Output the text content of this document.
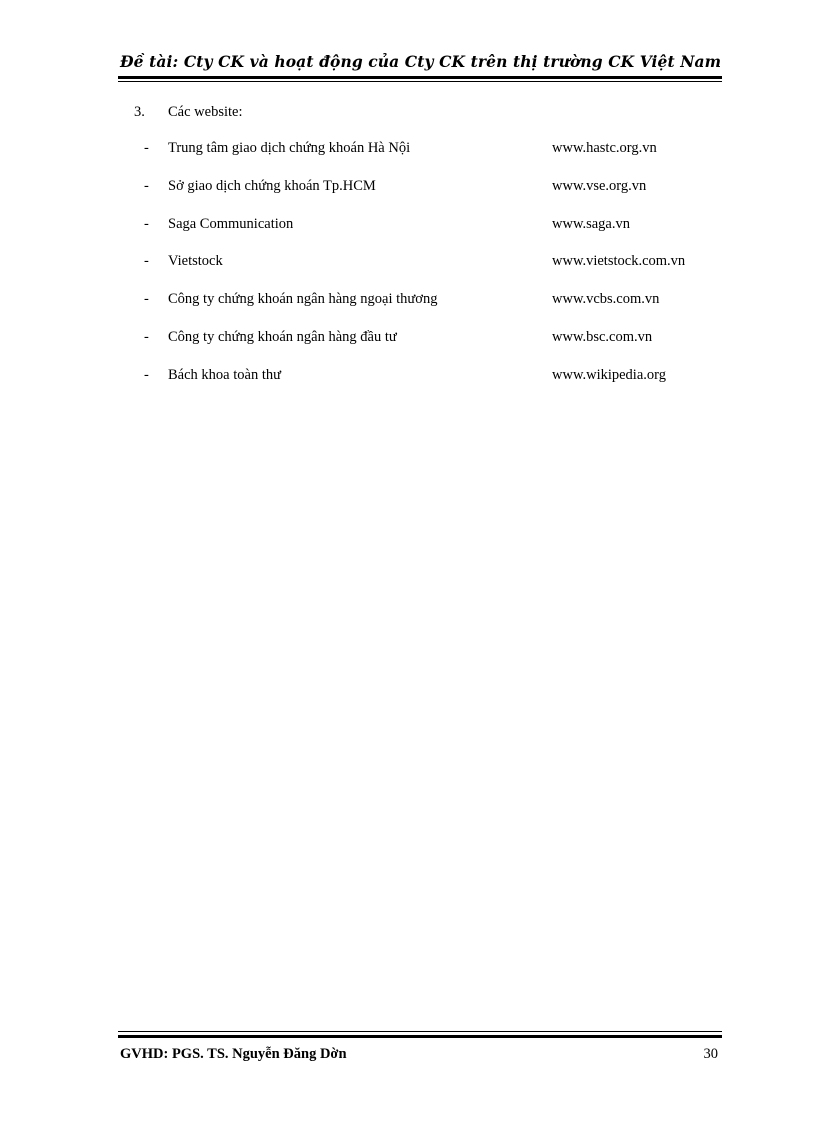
Đề tài: Cty CK và hoạt động của Cty CK trên thị trường CK Việt Nam
3. Các website:
- Trung tâm giao dịch chứng khoán Hà Nội	www.hastc.org.vn
- Sở giao dịch chứng khoán Tp.HCM	www.vse.org.vn
- Saga Communication	www.saga.vn
- Vietstock	www.vietstock.com.vn
- Công ty chứng khoán ngân hàng ngoại thương	www.vcbs.com.vn
- Công ty chứng khoán ngân hàng đầu tư	www.bsc.com.vn
- Bách khoa toàn thư	www.wikipedia.org
GVHD: PGS. TS. Nguyễn Đăng Dờn	30
